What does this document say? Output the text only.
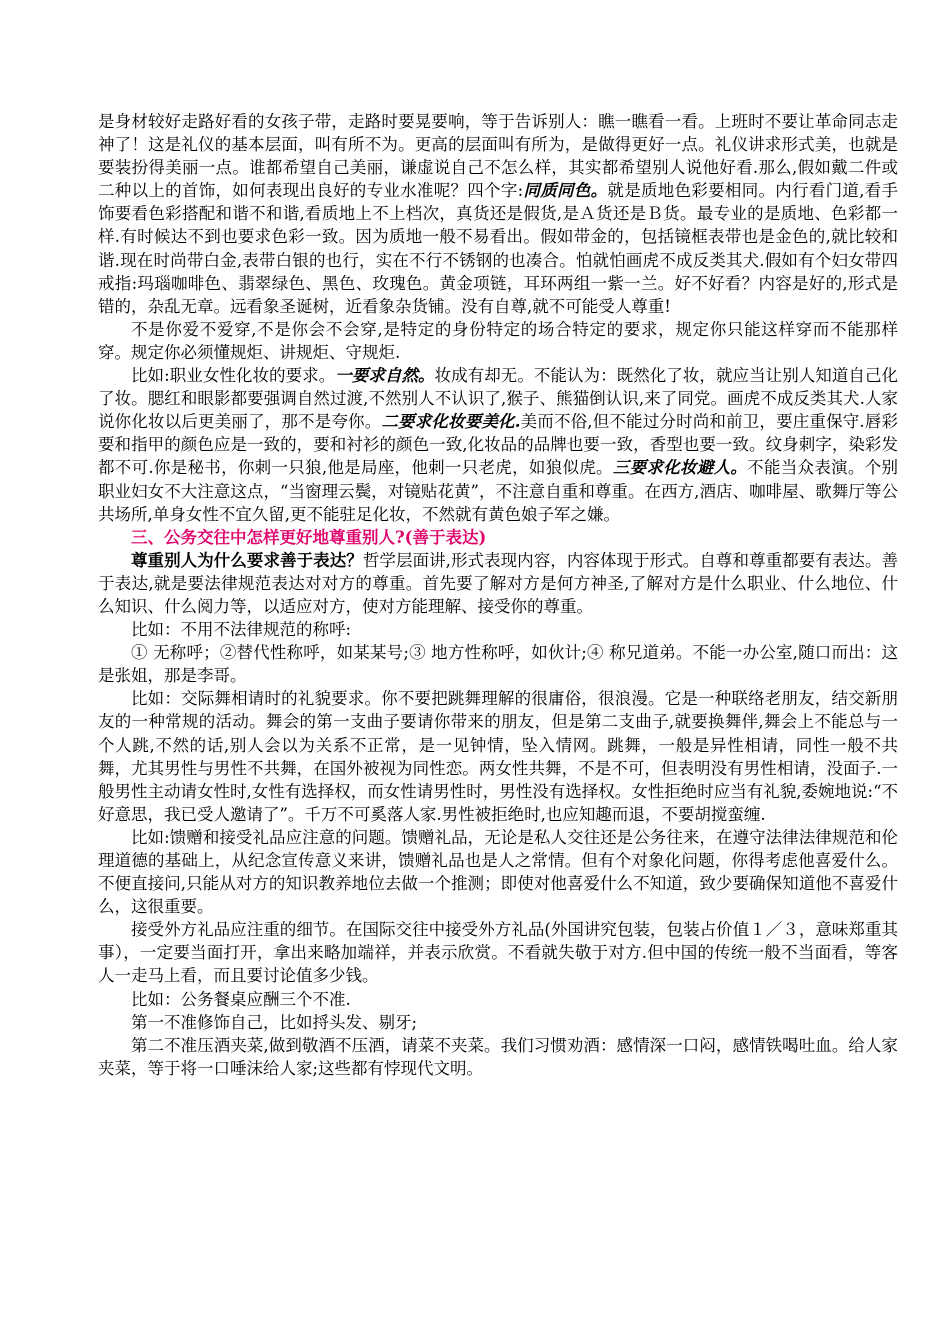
是身材较好走路好看的女孩子带，走路时要晃要响，等于告诉别人：瞧一瞧看一看。上班时不要让革命同志走神了！这是礼仪的基本层面，叫有所不为。更高的层面叫有所为，是做得更好一点。礼仪讲求形式美，也就是要装扮得美丽一点。谁都希望自己美丽，谦虚说自己不怎么样，其实都希望别人说他好看.那么,假如戴二件或二种以上的首饰，如何表现出良好的专业水准呢？四个字:同质同色。就是质地色彩要相同。内行看门道,看手饰要看色彩搭配和谐不和谐,看质地上不上档次，真货还是假货,是Ａ货还是Ｂ货。最专业的是质地、色彩都一样.有时候达不到也要求色彩一致。因为质地一般不易看出。假如带金的，包括镜框表带也是金色的,就比较和谐.现在时尚带白金,表带白银的也行，实在不行不锈钢的也凑合。怕就怕画虎不成反类其犬.假如有个妇女带四戒指:玛瑙咖啡色、翡翠绿色、黑色、玫瑰色。黄金项链，耳环两组一紫一兰。好不好看？内容是好的,形式是错的，杂乱无章。远看象圣诞树，近看象杂货铺。没有自尊,就不可能受人尊重!

不是你爱不爱穿,不是你会不会穿,是特定的身份特定的场合特定的要求，规定你只能这样穿而不能那样穿。规定你必须懂规炬、讲规炬、守规炬.

比如:职业女性化妆的要求。一要求自然。妆成有却无。不能认为：既然化了妆，就应当让别人知道自己化了妆。腮红和眼影都要强调自然过渡,不然别人不认识了,猴子、熊猫倒认识,来了同党。画虎不成反类其犬.人家说你化妆以后更美丽了，那不是夸你。二要求化妆要美化.美而不俗,但不能过分时尚和前卫，要庄重保守.唇彩要和指甲的颜色应是一致的，要和衬衫的颜色一致,化妆品的品牌也要一致，香型也要一致。纹身刺字，染彩发都不可.你是秘书，你刺一只狼,他是局座，他刺一只老虎，如狼似虎。三要求化妆避人。不能当众表演。个别职业妇女不大注意这点，“当窗理云鬓，对镜贴花黄”，不注意自重和尊重。在西方,酒店、咖啡屋、歌舞厅等公共场所,单身女性不宜久留,更不能驻足化妆，不然就有黄色娘子军之嫌。

三、公务交往中怎样更好地尊重别人?(善于表达)

尊重别人为什么要求善于表达？哲学层面讲,形式表现内容，内容体现于形式。自尊和尊重都要有表达。善于表达,就是要法律规范表达对对方的尊重。首先要了解对方是何方神圣,了解对方是什么职业、什么地位、什么知识、什么阅力等，以适应对方，使对方能理解、接受你的尊重。

比如：不用不法律规范的称呼:

① 无称呼；②替代性称呼，如某某号;③ 地方性称呼，如伙计;④ 称兄道弟。不能一办公室,随口而出：这是张姐，那是李哥。

比如：交际舞相请时的礼貌要求。你不要把跳舞理解的很庸俗，很浪漫。它是一种联络老朋友，结交新朋友的一种常规的活动。舞会的第一支曲子要请你带来的朋友，但是第二支曲子,就要换舞伴,舞会上不能总与一个人跳,不然的话,别人会以为关系不正常，是一见钟情，坠入情网。跳舞，一般是异性相请，同性一般不共舞，尤其男性与男性不共舞，在国外被视为同性恋。两女性共舞，不是不可，但表明没有男性相请，没面子.一般男性主动请女性时,女性有选择权，而女性请男性时，男性没有选择权。女性拒绝时应当有礼貌,委婉地说:“不好意思，我已受人邀请了”。千万不可奚落人家.男性被拒绝时,也应知趣而退，不要胡搅蛮缠.

比如:馈赠和接受礼品应注意的问题。馈赠礼品，无论是私人交往还是公务往来，在遵守法律法律规范和伦理道德的基础上，从纪念宣传意义来讲，馈赠礼品也是人之常情。但有个对象化问题，你得考虑他喜爱什么。不便直接问,只能从对方的知识教养地位去做一个推测；即使对他喜爱什么不知道，致少要确保知道他不喜爱什么，这很重要。

接受外方礼品应注重的细节。在国际交往中接受外方礼品(外国讲究包装，包装占价值１／３，意味郑重其事），一定要当面打开，拿出来略加端祥，并表示欣赏。不看就失敬于对方.但中国的传统一般不当面看，等客人一走马上看，而且要讨论值多少钱。

比如：公务餐桌应酬三个不准.

第一不准修饰自己，比如捋头发、剔牙;

第二不准压酒夹菜,做到敬酒不压酒，请菜不夹菜。我们习惯劝酒：感情深一口闷，感情铁喝吐血。给人家夹菜，等于将一口唾沫给人家;这些都有悖现代文明。
